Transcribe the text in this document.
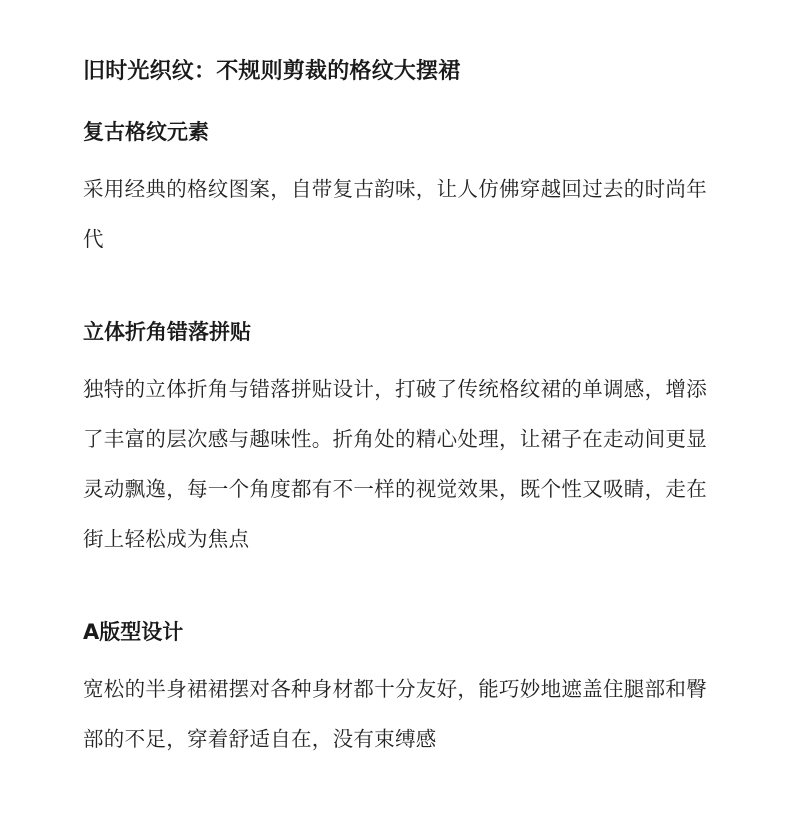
旧时光织纹：不规则剪裁的格纹大摆裙
复古格纹元素

采用经典的格纹图案，自带复古韵味，让人仿佛穿越回过去的时尚年代

立体折角错落拼贴

独特的立体折角与错落拼贴设计，打破了传统格纹裙的单调感，增添了丰富的层次感与趣味性。折角处的精心处理，让裙子在走动间更显灵动飘逸，每一个角度都有不一样的视觉效果，既个性又吸睛，走在街上轻松成为焦点

A版型设计

宽松的半身裙裙摆对各种身材都十分友好，能巧妙地遮盖住腿部和臀部的不足，穿着舒适自在，没有束缚感
